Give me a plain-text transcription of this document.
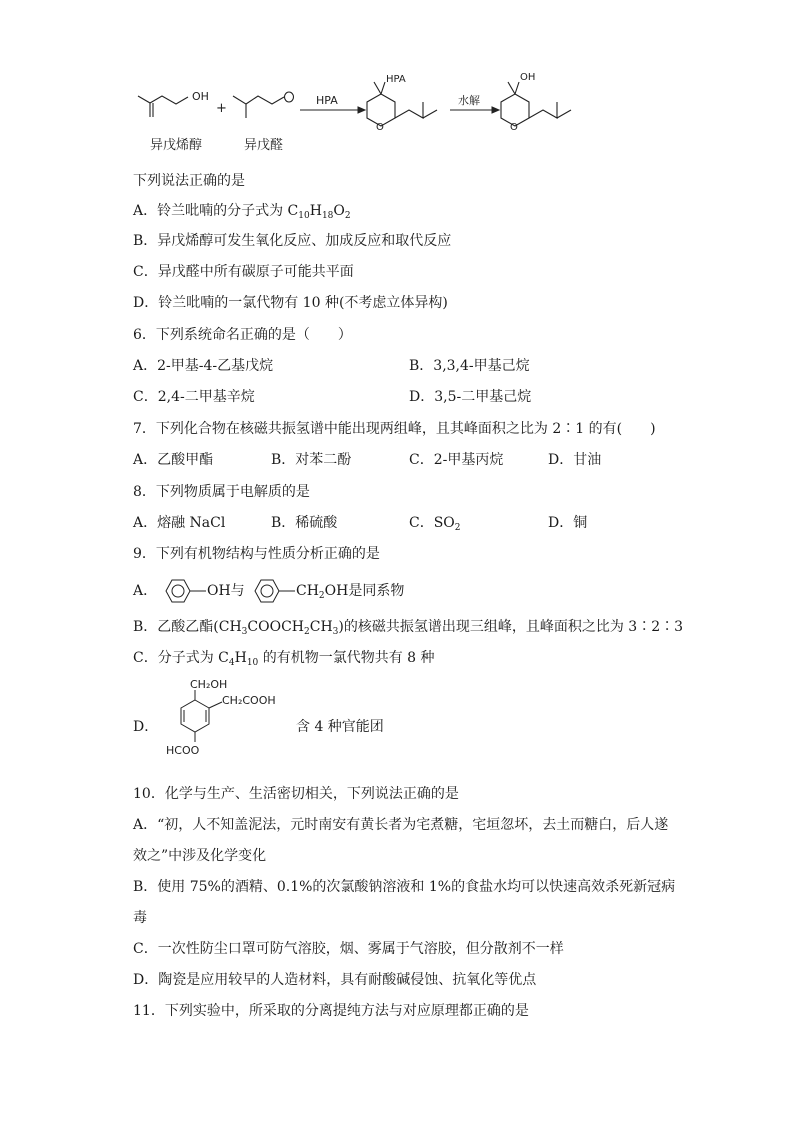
OH
+
HPA
HPA
O
水解
OH
O
异戊烯醇	异戊醛
下列说法正确的是
A．铃兰吡喃的分子式为 $C_{10}H_{18}O_2$
B．异戊烯醇可发生氧化反应、加成反应和取代反应
C．异戊醛中所有碳原子可能共平面
D．铃兰吡喃的一氯代物有 10 种(不考虑立体异构)
6．下列系统命名正确的是（　　）
A．2-甲基-4-乙基戊烷	B．3,3,4-甲基己烷
C．2,4-二甲基辛烷	D．3,5-二甲基己烷
7．下列化合物在核磁共振氢谱中能出现两组峰，且其峰面积之比为 2∶1 的有(　　)
A．乙酸甲酯	B．对苯二酚	C．2-甲基丙烷	D．甘油
8．下列物质属于电解质的是
A．熔融 NaCl	B．稀硫酸	C．$SO_2$	D．铜
9．下列有机物结构与性质分析正确的是
A．	OH与	$CH_2OH$是同系物
B．乙酸乙酯$(CH_3COOCH_2CH_3)$的核磁共振氢谱出现三组峰，且峰面积之比为 3∶2∶3
C．分子式为 $C_4H_{10}$ 的有机物一氯代物共有 8 种
D．
CH₂OH
CH₂COOH
HCOO
含 4 种官能团
10．化学与生产、生活密切相关，下列说法正确的是
A．“初，人不知盖泥法，元时南安有黄长者为宅煮糖，宅垣忽坏，去土而糖白，后人遂
效之”中涉及化学变化
B．使用 75%的酒精、0.1%的次氯酸钠溶液和 1%的食盐水均可以快速高效杀死新冠病
毒
C．一次性防尘口罩可防气溶胶，烟、雾属于气溶胶，但分散剂不一样
D．陶瓷是应用较早的人造材料，具有耐酸碱侵蚀、抗氧化等优点
11．下列实验中，所采取的分离提纯方法与对应原理都正确的是
